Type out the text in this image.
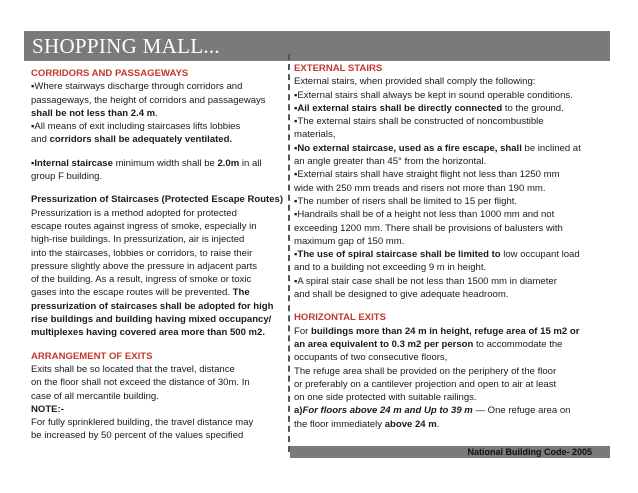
SHOPPING MALL...

CORRIDORS AND PASSAGEWAYS

▪Where stairways discharge through corridors and

passageways, the height of corridors and passageways

shall be not less than 2.4 m.

▪All means of exit including staircases lifts lobbies

and corridors shall be adequately ventilated.

▪Internal staircase minimum width shall be 2.0m in all

group F building.

Pressurization of Staircases (Protected Escape Routes)

Pressurization is a method adopted for protected

escape routes against ingress of smoke, especially in

high-rise buildings. In pressurization, air is injected

into the staircases, lobbies or corridors, to raise their

pressure slightly above the pressure in adjacent parts

of the building. As a result, ingress of smoke or toxic

gases into the escape routes will be prevented. The

pressurization of staircases shall be adopted for high

rise buildings and building having mixed occupancy/

multiplexes having covered area more than 500 m2.

ARRANGEMENT OF EXITS

Exits shall be so located that the travel, distance

on the floor shall not exceed the distance of 30m. In

case of all mercantile building.

NOTE:-

For fully sprinklered building, the travel distance may

be increased by 50 percent of the values specified

EXTERNAL STAIRS

External stairs, when provided shall comply the following:

▪External stairs shall always be kept in sound operable conditions.

▪Ail external stairs shall be directly connected to the ground.

▪The external stairs shall be constructed of noncombustible

materials,

▪No external staircase, used as a fire escape, shall be inclined at

an angle greater than 45° from the horizontal.

▪External stairs shall have straight flight not less than 1250 mm

wide with 250 mm treads and risers not more than 190 mm.

▪The number of risers shall be limited to 15 per flight.

▪Handrails shall be of a height not less than 1000 mm and not

exceeding 1200 mm. There shall be provisions of balusters with

maximum gap of 150 mm.

▪The use of spiral staircase shall be limited to low occupant load

and to a building not exceeding 9 m in height.

▪A spiral stair case shall be not less than 1500 mm in diameter

and shall be designed to give adequate headroom.

HORIZONTAL EXITS

For buildings more than 24 m in height, refuge area of 15 m2 or

an area equivalent to 0.3 m2 per person to accommodate the

occupants of two consecutive floors,

The refuge area shall be provided on the periphery of the floor

or preferably on a cantilever projection and open to air at least

on one side protected with suitable railings.

a)For floors above 24 m and Up to 39 m — One refuge area on

the floor immediately above 24 m.

National Building Code- 2005
